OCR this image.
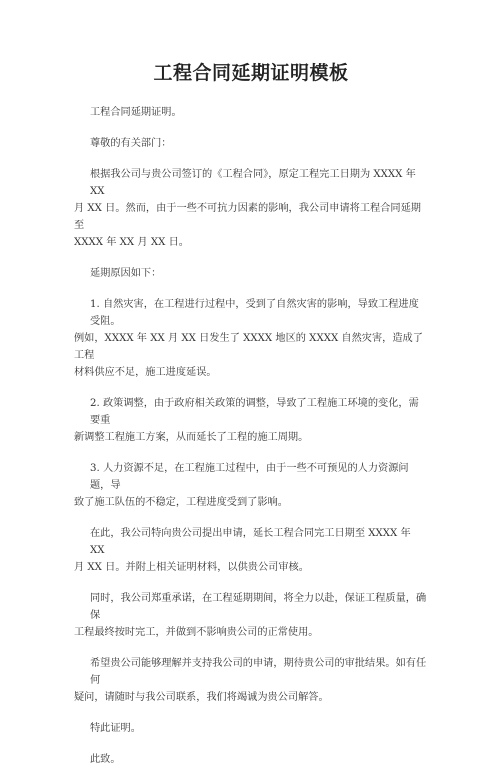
工程合同延期证明模板

工程合同延期证明。

尊敬的有关部门：

根据我公司与贵公司签订的《工程合同》，原定工程完工日期为 XXXX 年 XX
月 XX 日。然而，由于一些不可抗力因素的影响，我公司申请将工程合同延期至
XXXX 年 XX 月 XX 日。

延期原因如下：

1. 自然灾害，在工程进行过程中，受到了自然灾害的影响，导致工程进度受阻。
例如，XXXX 年 XX 月 XX 日发生了 XXXX 地区的 XXXX 自然灾害，造成了工程
材料供应不足，施工进度延误。

2. 政策调整，由于政府相关政策的调整，导致了工程施工环境的变化，需要重
新调整工程施工方案，从而延长了工程的施工周期。

3. 人力资源不足，在工程施工过程中，由于一些不可预见的人力资源问题，导
致了施工队伍的不稳定，工程进度受到了影响。

在此，我公司特向贵公司提出申请，延长工程合同完工日期至 XXXX 年 XX
月 XX 日。并附上相关证明材料，以供贵公司审核。

同时，我公司郑重承诺，在工程延期期间，将全力以赴，保证工程质量，确保
工程最终按时完工，并做到不影响贵公司的正常使用。

希望贵公司能够理解并支持我公司的申请，期待贵公司的审批结果。如有任何
疑问，请随时与我公司联系，我们将竭诚为贵公司解答。

特此证明。

此致。
